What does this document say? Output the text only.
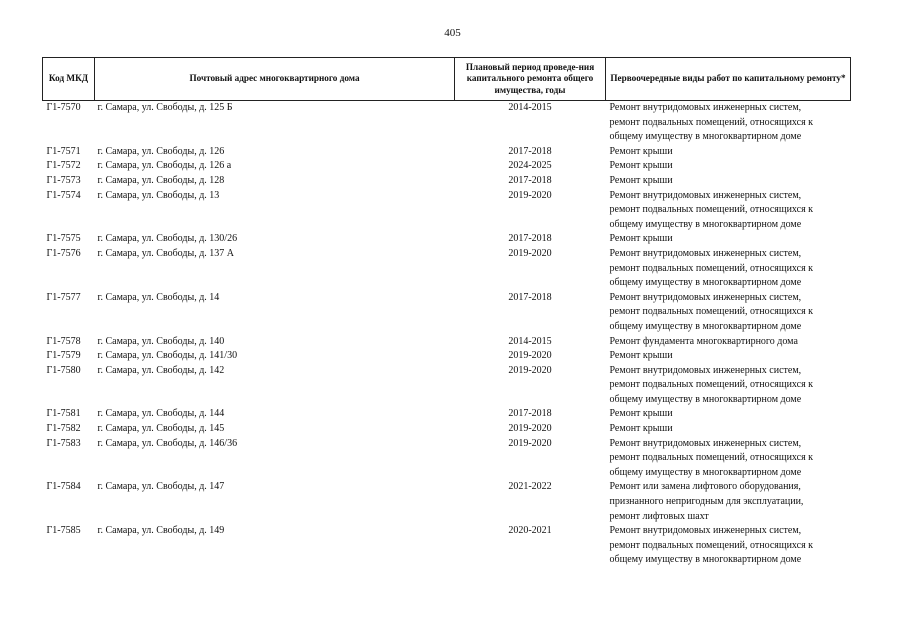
405
Код МКД	Почтовый адрес многоквартирного дома	Плановый период проведе-ния капитального ремонта общего имущества, годы	Первоочередные виды работ по капитальному ремонту*
Г1-7570	г. Самара, ул. Свободы, д. 125 Б	2014-2015	Ремонт внутридомовых инженерных систем,
ремонт подвальных помещений, относящихся к
общему имуществу в многоквартирном доме

Г1-7571	г. Самара, ул. Свободы, д. 126	2017-2018	Ремонт крыши

Г1-7572	г. Самара, ул. Свободы, д. 126 а	2024-2025	Ремонт крыши

Г1-7573	г. Самара, ул. Свободы, д. 128	2017-2018	Ремонт крыши

Г1-7574	г. Самара, ул. Свободы, д. 13	2019-2020	Ремонт внутридомовых инженерных систем,
ремонт подвальных помещений, относящихся к
общему имуществу в многоквартирном доме

Г1-7575	г. Самара, ул. Свободы, д. 130/26	2017-2018	Ремонт крыши

Г1-7576	г. Самара, ул. Свободы, д. 137 А	2019-2020	Ремонт внутридомовых инженерных систем,
ремонт подвальных помещений, относящихся к
общему имуществу в многоквартирном доме

Г1-7577	г. Самара, ул. Свободы, д. 14	2017-2018	Ремонт внутридомовых инженерных систем,
ремонт подвальных помещений, относящихся к
общему имуществу в многоквартирном доме

Г1-7578	г. Самара, ул. Свободы, д. 140	2014-2015	Ремонт фундамента многоквартирного дома

Г1-7579	г. Самара, ул. Свободы, д. 141/30	2019-2020	Ремонт крыши

Г1-7580	г. Самара, ул. Свободы, д. 142	2019-2020	Ремонт внутридомовых инженерных систем,
ремонт подвальных помещений, относящихся к
общему имуществу в многоквартирном доме

Г1-7581	г. Самара, ул. Свободы, д. 144	2017-2018	Ремонт крыши

Г1-7582	г. Самара, ул. Свободы, д. 145	2019-2020	Ремонт крыши

Г1-7583	г. Самара, ул. Свободы, д. 146/36	2019-2020	Ремонт внутридомовых инженерных систем,
ремонт подвальных помещений, относящихся к
общему имуществу в многоквартирном доме

Г1-7584	г. Самара, ул. Свободы, д. 147	2021-2022	Ремонт или замена лифтового оборудования,
признанного непригодным для эксплуатации,
ремонт лифтовых шахт

Г1-7585	г. Самара, ул. Свободы, д. 149	2020-2021	Ремонт внутридомовых инженерных систем,
ремонт подвальных помещений, относящихся к
общему имуществу в многоквартирном доме
